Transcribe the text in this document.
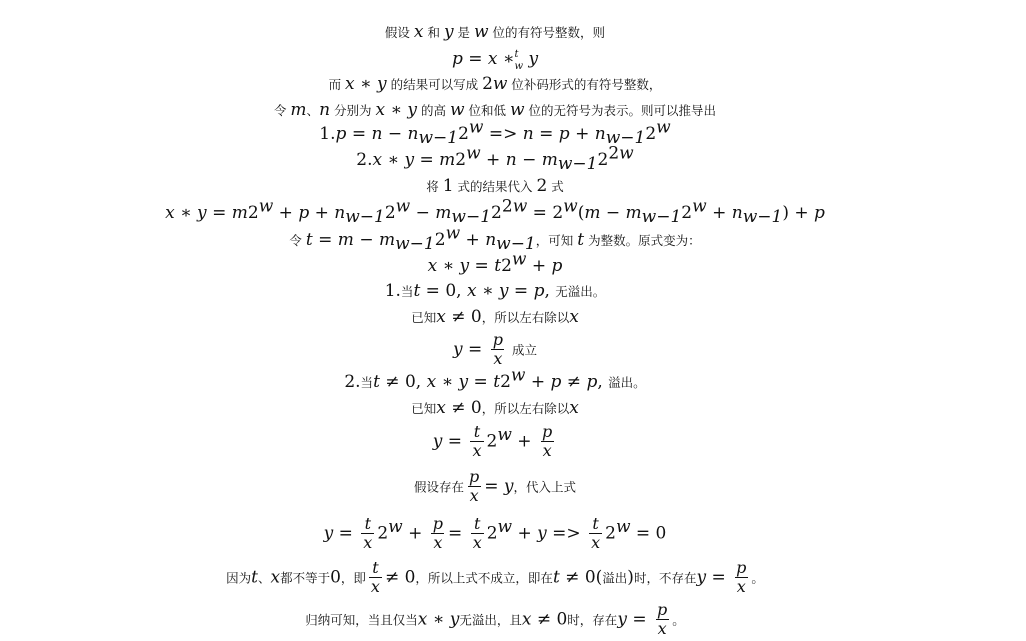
假设 x 和 y 是 w 位的有符号整数，则
p = x ∗$^t_w$ y
而 x ∗ y 的结果可以写成 2w 位补码形式的有符号整数，
令 m、n 分别为 x ∗ y 的高 w 位和低 w 位的无符号为表示。则可以推导出
$1.p = n - n_{w-1}2^w => n = p + n_{w-1}2^w$
2.x ∗ $y = m2^w + n - m_{w-1}2^{2w}$
将 1 式的结果代入 2 式
x ∗ $y = m2^w + p + n_{w-1}2^w - m_{w-1}2^{2w} = 2^w(m - m_{w-1}2^w + n_{w-1}) + p$
令 $t = m - m_{w-1}2^w + n_{w-1}$，可知 t 为整数。原式变为：
x ∗ $y = t2^w + p$
1.当t = 0, x ∗ y = p, 无溢出。
已知x ≠ 0，所以左右除以x
$y = \frac{p}{x}$ 成立
2.当t ≠ 0, x ∗ $y = t2^w + p \ne p$, 溢出。
已知x ≠ 0，所以左右除以x
$y = \frac{t}{x} 2^w + \frac{p}{x}$
假设存在 $\frac{p}{x} = y$，代入上式
$y = \frac{t}{x} 2^w + \frac{p}{x} = \frac{t}{x} 2^w + y => \frac{t}{x} 2^w = 0$
因为t、x都不等于0，即 $\frac{t}{x} \ne 0$，所以上式不成立，即在t ≠ 0(溢出)时，不存在$y = \frac{p}{x}$ 。
归纳可知，当且仅当x ∗ y无溢出，且x ≠ 0时，存在$y = \frac{p}{x}$ 。
